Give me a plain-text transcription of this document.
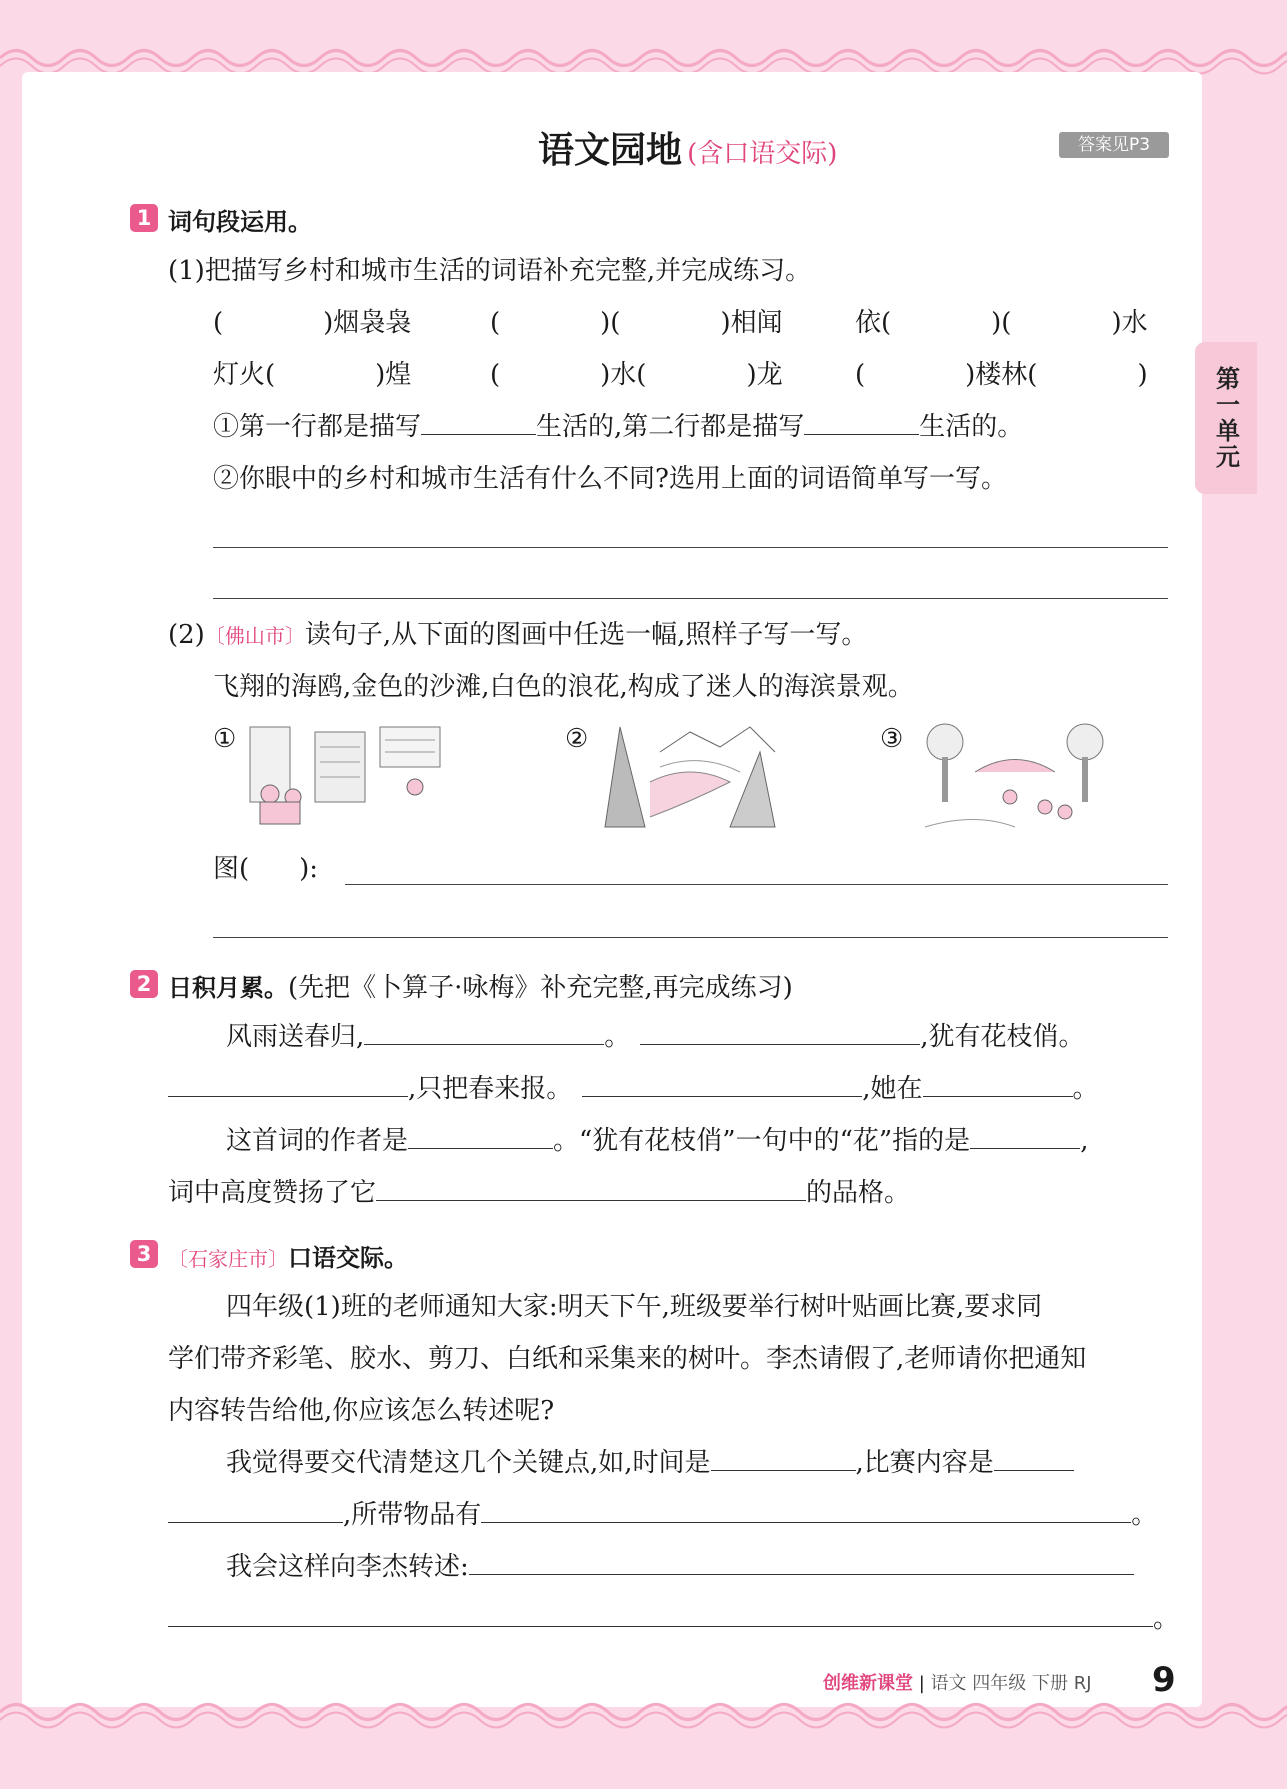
语文园地 (含口语交际)	答案见P3
第一单元
1 词句段运用。
(1)把描写乡村和城市生活的词语补充完整,并完成练习。
(	)烟袅袅	(	)(	)相闻	依(	)(	)水
灯火(	)煌	(	)水(	)龙	(	)楼林(	)
①第一行都是描写	生活的,第二行都是描写	生活的。
②你眼中的乡村和城市生活有什么不同?选用上面的词语简单写一写。
(2)〔佛山市〕读句子,从下面的图画中任选一幅,照样子写一写。
飞翔的海鸥,金色的沙滩,白色的浪花,构成了迷人的海滨景观。
①	②	③
图( ):
2 日积月累。(先把《卜算子·咏梅》补充完整,再完成练习)
风雨送春归,	。	,犹有花枝俏。
,只把春来报。	,她在	。
这首词的作者是	。“犹有花枝俏”一句中的“花”指的是	,
词中高度赞扬了它	的品格。
3 〔石家庄市〕口语交际。
四年级(1)班的老师通知大家:明天下午,班级要举行树叶贴画比赛,要求同
学们带齐彩笔、胶水、剪刀、白纸和采集来的树叶。李杰请假了,老师请你把通知
内容转告给他,你应该怎么转述呢?
我觉得要交代清楚这几个关键点,如,时间是	,比赛内容是
,所带物品有	。
我会这样向李杰转述:
。
创维新课堂 | 语文 四年级 下册 RJ 9
